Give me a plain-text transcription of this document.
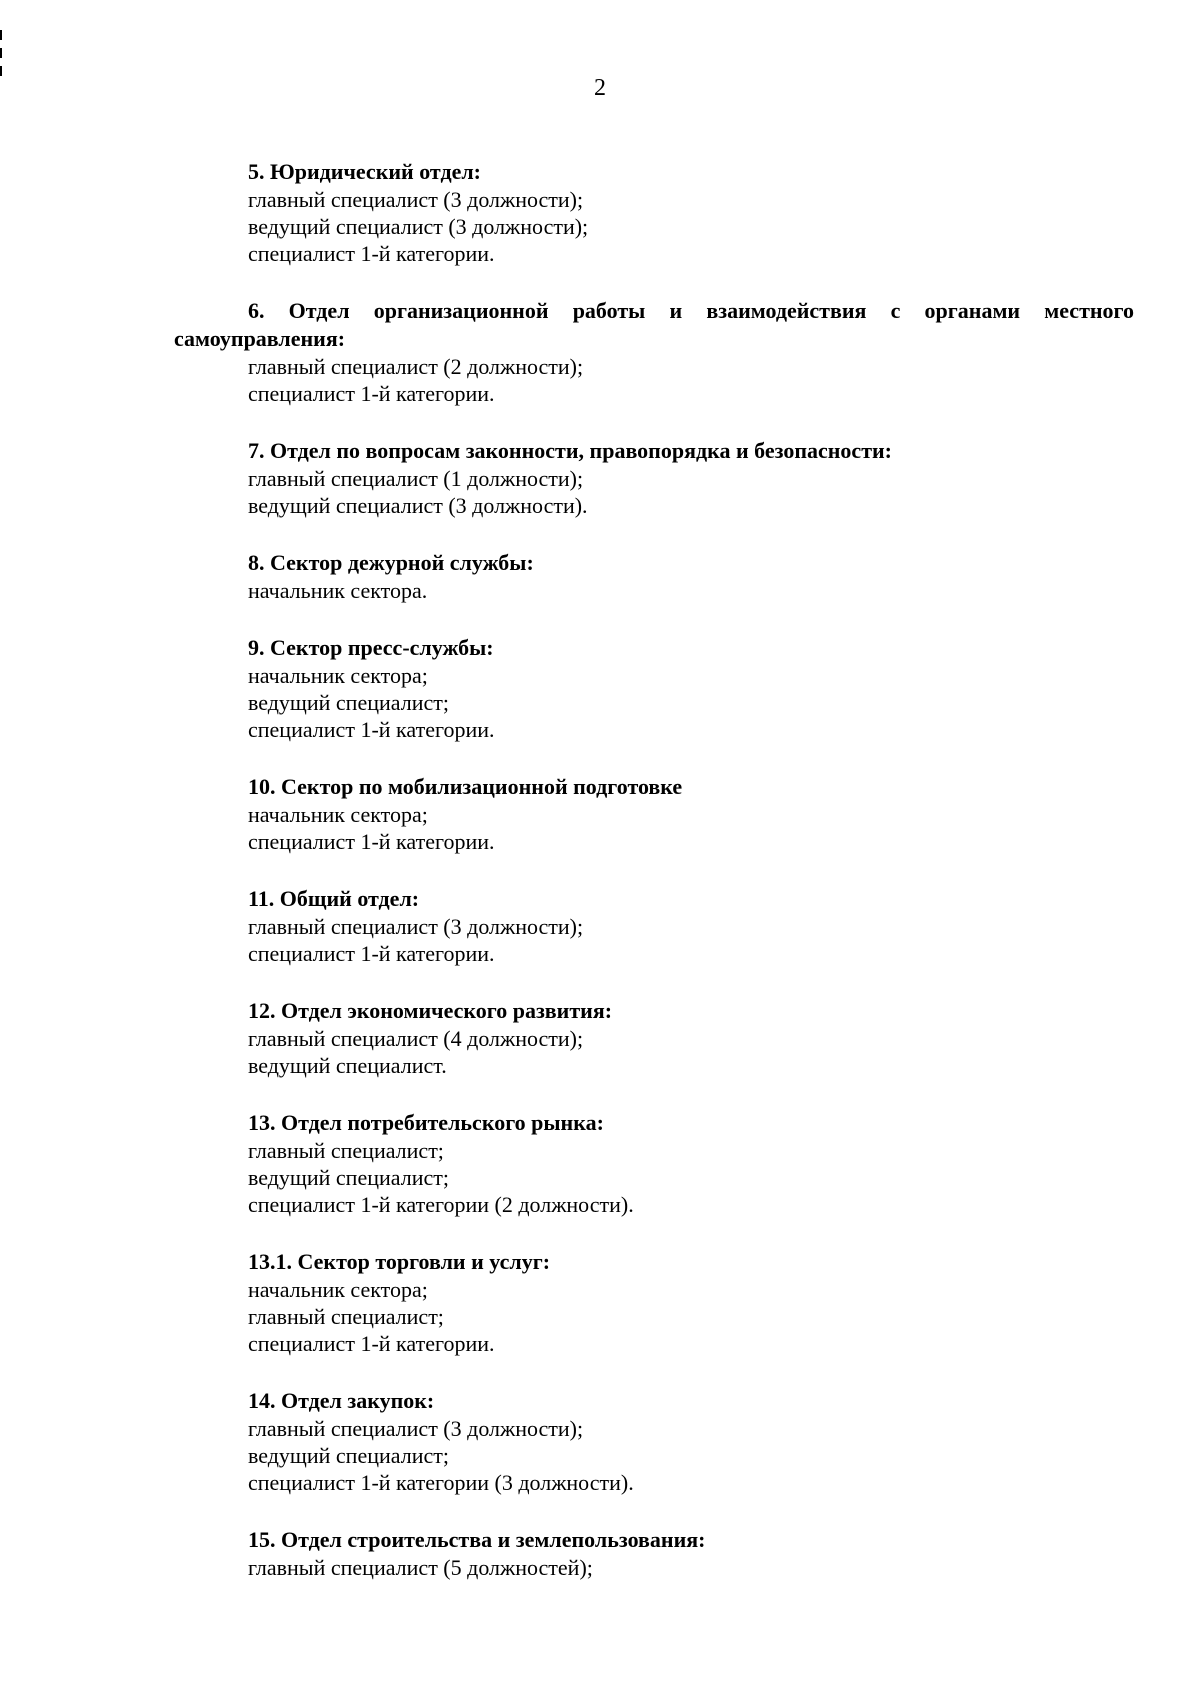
2
5. Юридический отдел:
главный специалист (3 должности);
ведущий специалист (3 должности);
специалист 1-й категории.
6. Отдел организационной работы и взаимодействия с органами местного
самоуправления:
главный специалист (2 должности);
специалист 1-й категории.
7. Отдел по вопросам законности, правопорядка и безопасности:
главный специалист (1 должности);
ведущий специалист (3 должности).
8. Сектор дежурной службы:
начальник сектора.
9. Сектор пресс-службы:
начальник сектора;
ведущий специалист;
специалист 1-й категории.
10. Сектор по мобилизационной подготовке
начальник сектора;
специалист 1-й категории.
11. Общий отдел:
главный специалист (3 должности);
специалист 1-й категории.
12. Отдел экономического развития:
главный специалист (4 должности);
ведущий специалист.
13. Отдел потребительского рынка:
главный специалист;
ведущий специалист;
специалист 1-й категории (2 должности).
13.1. Сектор торговли и услуг:
начальник сектора;
главный специалист;
специалист 1-й категории.
14. Отдел закупок:
главный специалист (3 должности);
ведущий специалист;
специалист 1-й категории (3 должности).
15. Отдел строительства и землепользования:
главный специалист (5 должностей);
